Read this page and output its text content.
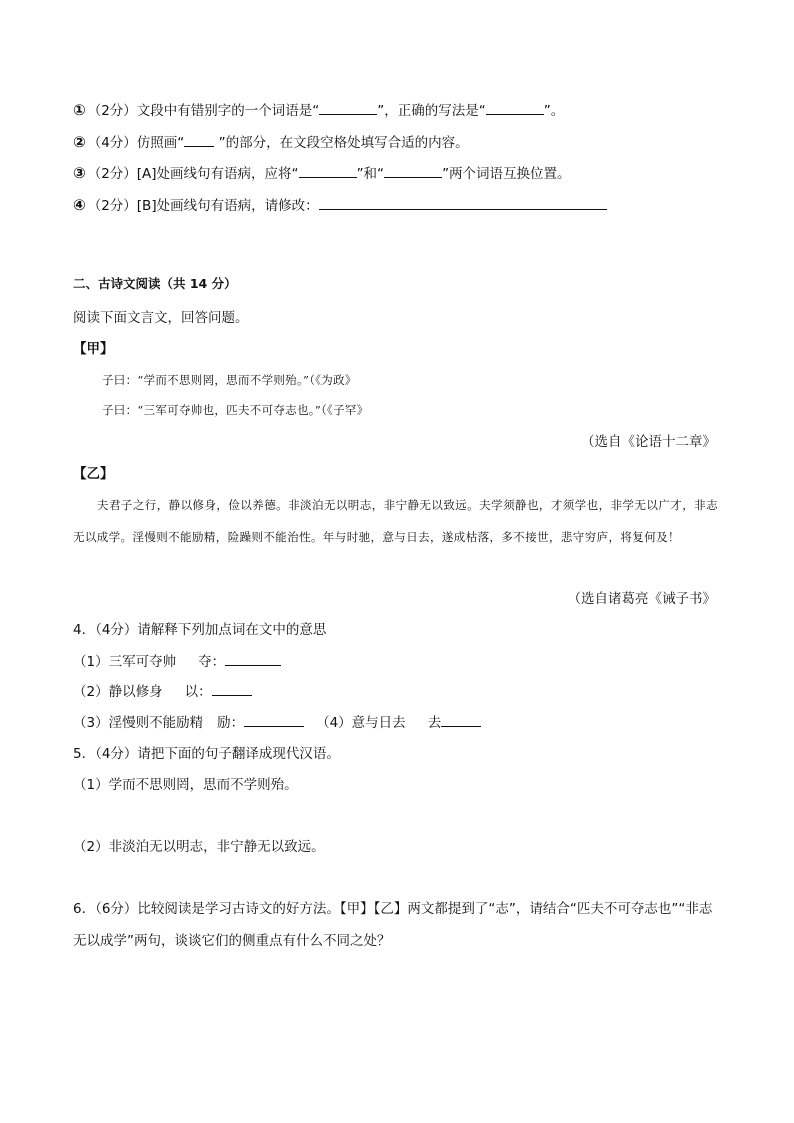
① （2分）文段中有错别字的一个词语是“	”，正确的写法是“	”。
② （4分）仿照画“ ”的部分，在文段空格处填写合适的内容。
③ （2分）[A]处画线句有语病，应将“	”和“	”两个词语互换位置。
④ （2分）[B]处画线句有语病，请修改：
二、古诗文阅读（共 14 分）
阅读下面文言文，回答问题。
【甲】
子曰：“学而不思则罔，思而不学则殆。”（《为政》
子曰：“三军可夺帅也，匹夫不可夺志也。”（《子罕》
（选自《论语十二章》
【乙】
夫君子之行，静以修身，俭以养德。非淡泊无以明志，非宁静无以致远。夫学须静也，才须学也，非学无以广才，非志无以成学。淫慢则不能励精，险躁则不能治性。年与时驰，意与日去，遂成枯落，多不接世，悲守穷庐，将复何及！
（选自诸葛亮《诫子书》
4．（4分）请解释下列加点词在文中的意思
（1）三军可夺帅 夺：
（2）静以修身 以：
（3）淫慢则不能励精 励：	（4）意与日去 去
5．（4分）请把下面的句子翻译成现代汉语。
（1）学而不思则罔，思而不学则殆。
（2）非淡泊无以明志，非宁静无以致远。
6．（6分）比较阅读是学习古诗文的好方法。【甲】【乙】两文都提到了“志”，请结合“匹夫不可夺志也”“非志无以成学”两句，谈谈它们的侧重点有什么不同之处？
